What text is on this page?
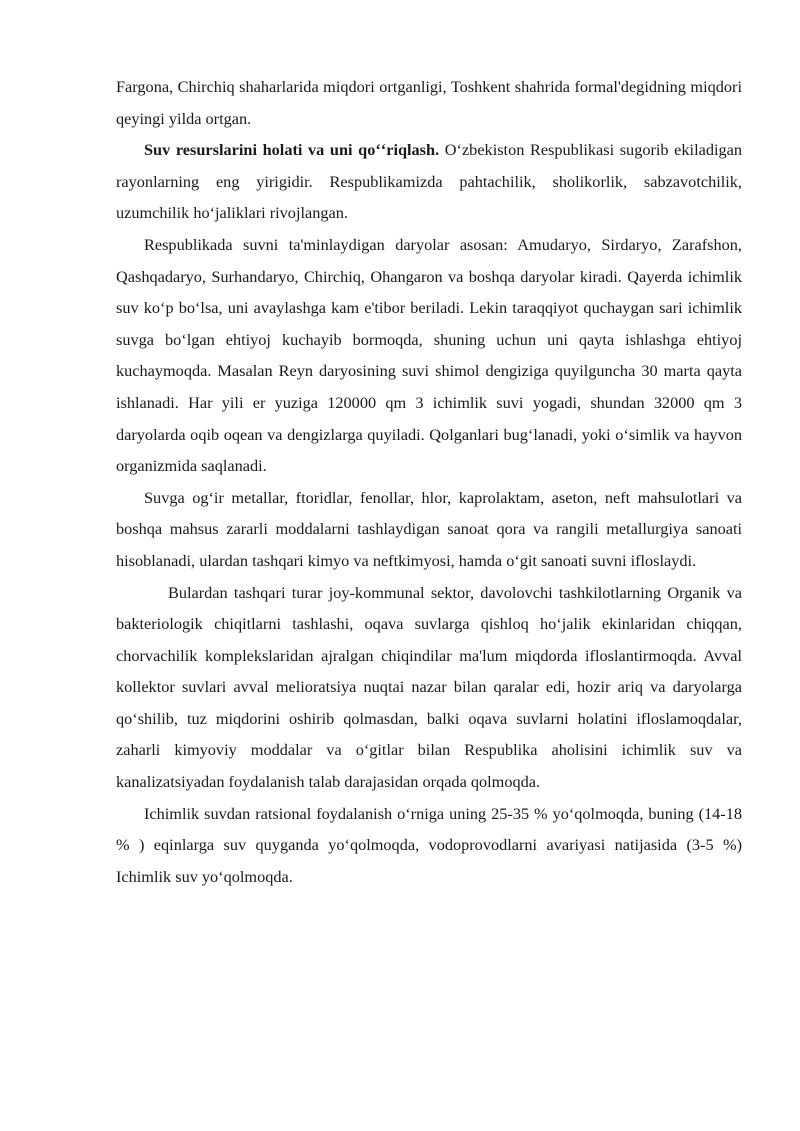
Fargona, Chirchiq shaharlarida miqdori ortganligi, Toshkent shahrida formal'degidning miqdori qeyingi yilda ortgan.

Suv resurslarini holati va uni qoʻʻriqlash. Oʻzbekiston Respublikasi sugorib ekiladigan rayonlarning eng yirigidir. Respublikamizda pahtachilik, sholikorlik, sabzavotchilik, uzumchilik hoʻjaliklari rivojlangan.

Respublikada suvni ta'minlaydigan daryolar asosan: Amudaryo, Sirdaryo, Zarafshon, Qashqadaryo, Surhandaryo, Chirchiq, Ohangaron va boshqa daryolar kiradi. Qayerda ichimlik suv koʻp boʻlsa, uni avaylashga kam e'tibor beriladi. Lekin taraqqiyot quchaygan sari ichimlik suvga boʻlgan ehtiyoj kuchayib bormoqda, shuning uchun uni qayta ishlashga ehtiyoj kuchaymoqda. Masalan Reyn daryosining suvi shimol dengiziga quyilguncha 30 marta qayta ishlanadi. Har yili er yuziga 120000 qm 3 ichimlik suvi yogadi, shundan 32000 qm 3 daryolarda oqib oqean va dengizlarga quyiladi. Qolganlari bugʻlanadi, yoki oʻsimlik va hayvon organizmida saqlanadi.

Suvga ogʻir metallar, ftoridlar, fenollar, hlor, kaprolaktam, aseton, neft mahsulotlari va boshqa mahsus zararli moddalarni tashlaydigan sanoat qora va rangili metallurgiya sanoati hisoblanadi, ulardan tashqari kimyo va neftkimyosi, hamda oʻgit sanoati suvni ifloslaydi.

Bulardan tashqari turar joy-kommunal sektor, davolovchi tashkilotlarning Organik va bakteriologik chiqitlarni tashlashi, oqava suvlarga qishloq hoʻjalik ekinlaridan chiqqan, chorvachilik komplekslaridan ajralgan chiqindilar ma'lum miqdorda ifloslantirmoqda. Avval kollektor suvlari avval melioratsiya nuqtai nazar bilan qaralar edi, hozir ariq va daryolarga qoʻshilib, tuz miqdorini oshirib qolmasdan, balki oqava suvlarni holatini ifloslamoqdalar, zaharli kimyoviy moddalar va oʻgitlar bilan Respublika aholisini ichimlik suv va kanalizatsiyadan foydalanish talab darajasidan orqada qolmoqda.

Ichimlik suvdan ratsional foydalanish oʻrniga uning 25-35 % yoʻqolmoqda, buning (14-18 % ) eqinlarga suv quyganda yoʻqolmoqda, vodoprovodlarni avariyasi natijasida (3-5 %) Ichimlik suv yoʻqolmoqda.
